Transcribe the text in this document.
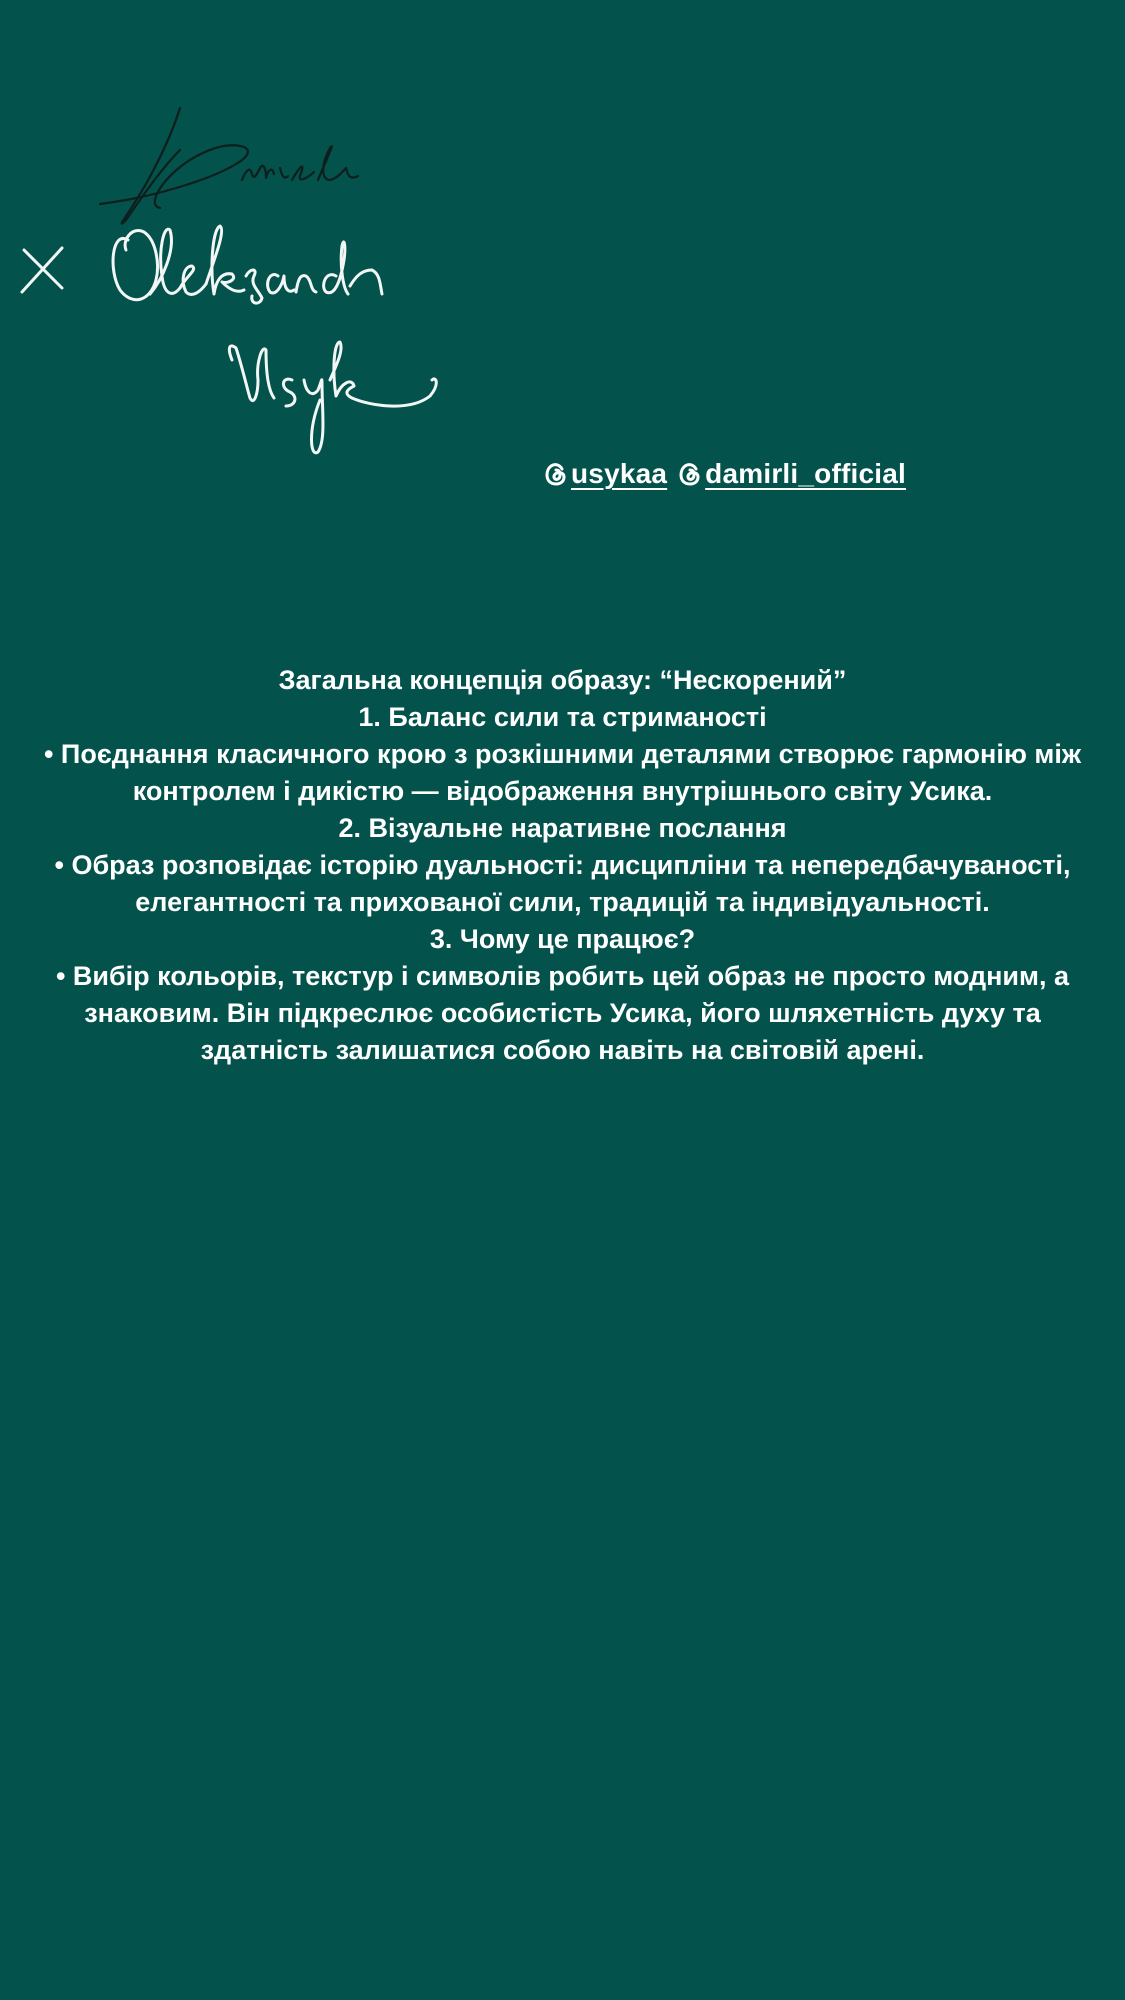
usykaa damirli_official

Загальна концепція образу: “Нескорений”

1. Баланс сили та стриманості

• Поєднання класичного крою з розкішними деталями створює гармонію між контролем і дикістю — відображення внутрішнього світу Усика.

2. Візуальне наративне послання

• Образ розповідає історію дуальності: дисципліни та непередбачуваності, елегантності та прихованої сили, традицій та індивідуальності.

3. Чому це працює?

• Вибір кольорів, текстур і символів робить цей образ не просто модним, а знаковим. Він підкреслює особистість Усика, його шляхетність духу та здатність залишатися собою навіть на світовій арені.
